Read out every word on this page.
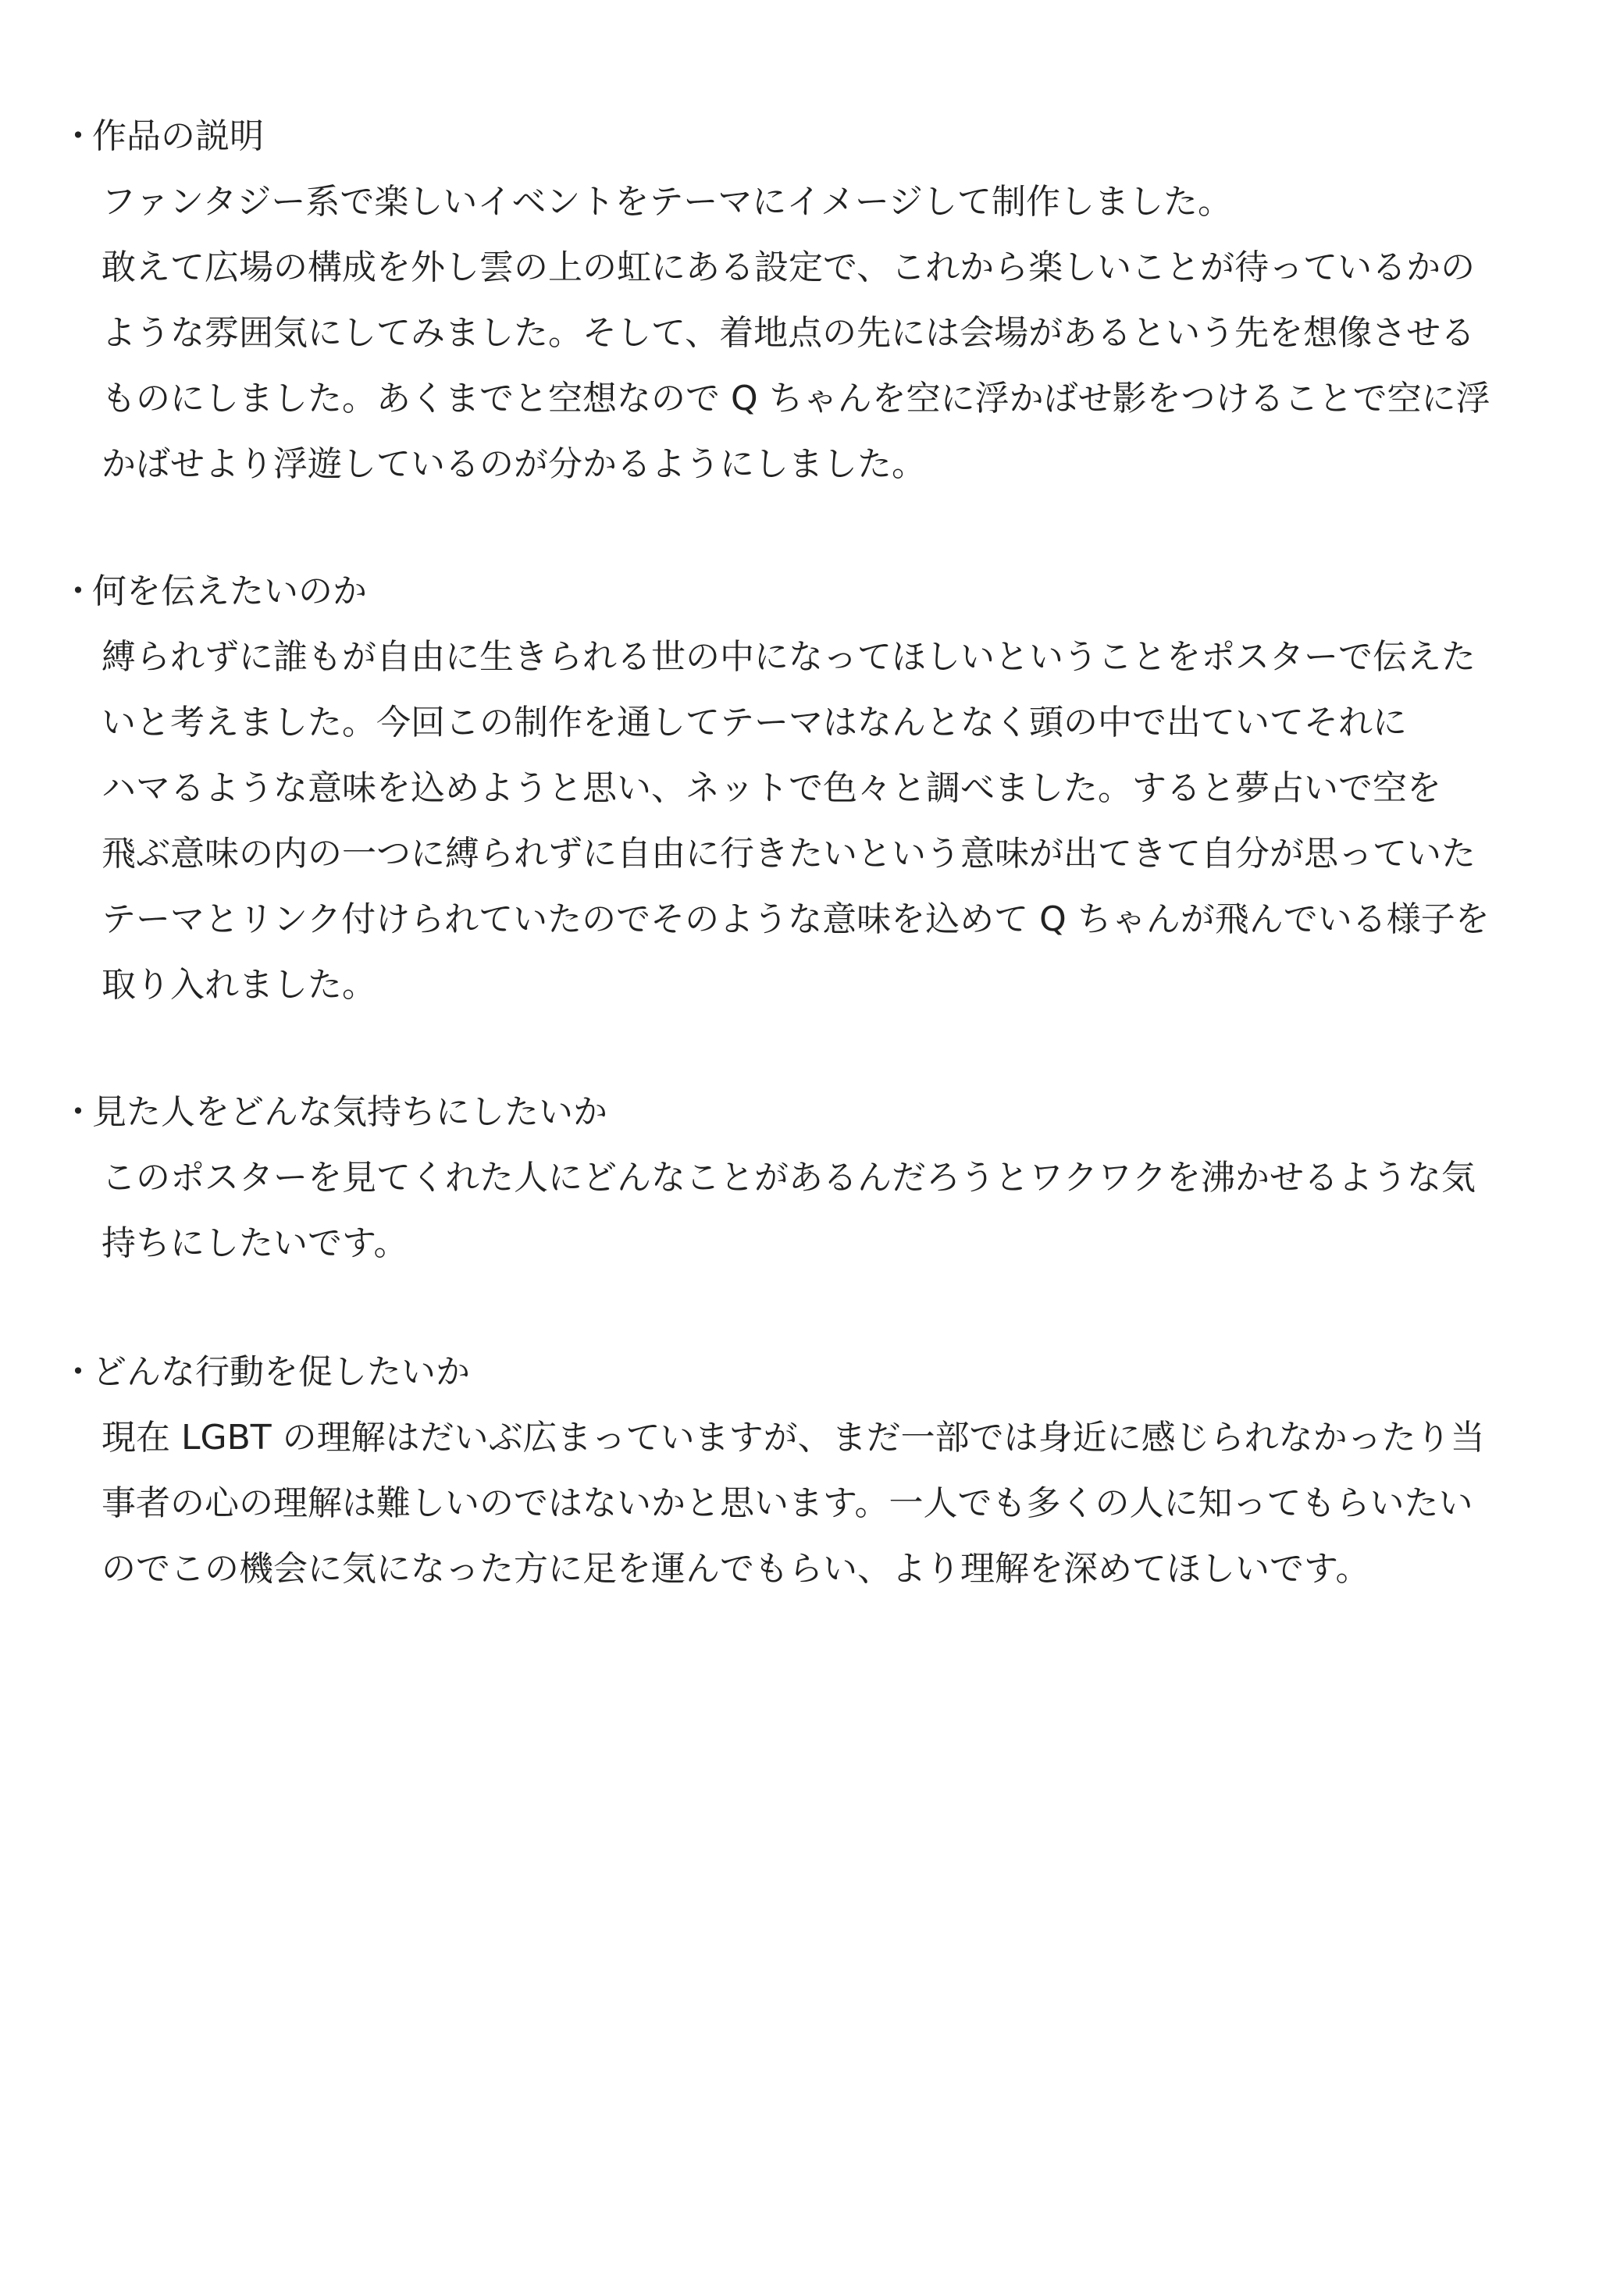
・
作品の説明
ファンタジー系で楽しいイベントをテーマにイメージして制作しました。
敢えて広場の構成を外し雲の上の虹にある設定で、これから楽しいことが待っているかの
ような雰囲気にしてみました。そして、着地点の先には会場があるという先を想像させる
ものにしました。あくまでと空想なので Q ちゃんを空に浮かばせ影をつけることで空に浮
かばせより浮遊しているのが分かるようにしました。
・
何を伝えたいのか
縛られずに誰もが自由に生きられる世の中になってほしいということをポスターで伝えた
いと考えました。今回この制作を通してテーマはなんとなく頭の中で出ていてそれに
ハマるような意味を込めようと思い、ネットで色々と調べました。すると夢占いで空を
飛ぶ意味の内の一つに縛られずに自由に行きたいという意味が出てきて自分が思っていた
テーマとリンク付けられていたのでそのような意味を込めて Q ちゃんが飛んでいる様子を
取り入れました。
・
見た人をどんな気持ちにしたいか
このポスターを見てくれた人にどんなことがあるんだろうとワクワクを沸かせるような気
持ちにしたいです。
・
どんな行動を促したいか
現在 LGBT の理解はだいぶ広まっていますが、まだ一部では身近に感じられなかったり当
事者の心の理解は難しいのではないかと思います。一人でも多くの人に知ってもらいたい
のでこの機会に気になった方に足を運んでもらい、より理解を深めてほしいです。
